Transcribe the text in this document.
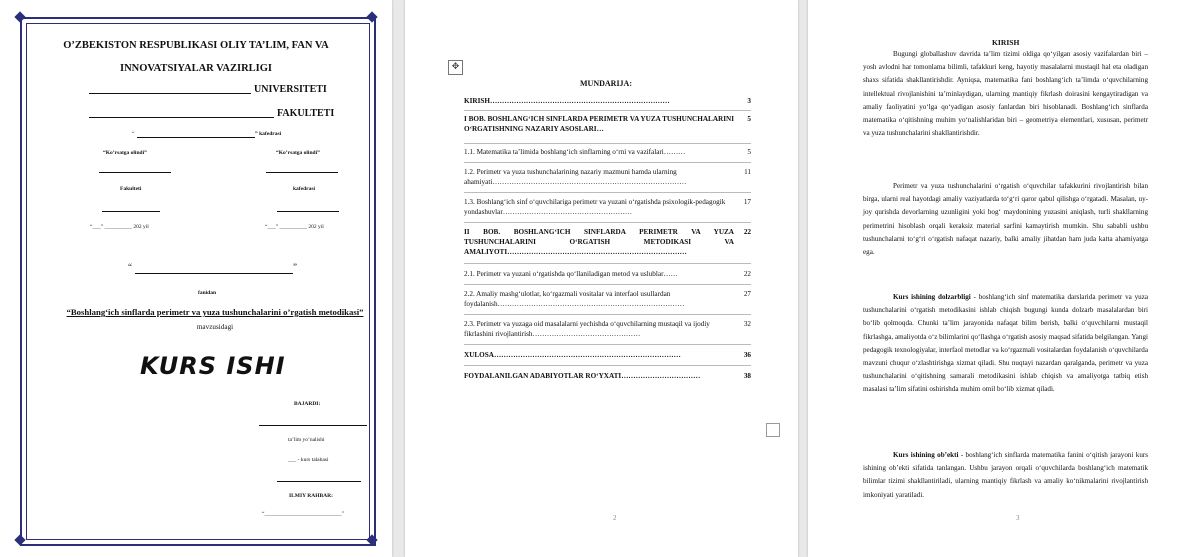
O’ZBEKISTON RESPUBLIKASI OLIY TA’LIM, FAN VA
INNOVATSIYALAR VAZIRLIGI
UNIVERSITETI
FAKULTETI
“	” kafedrasi
“Ko’rsatga olindi”	“Ko’rsatga olindi”
Fakulteti	kafedrasi
“___” __________ 202 yil	“___” __________ 202 yil
“	”
fanidan
“Boshlang‘ich sinflarda perimetr va yuza tushunchalarini o’rgatish metodikasi” mavzusidagi
KURS ISHI
BAJARDI:
ta’lim yo’nalishi
___ - kurs talabasi
ILMIY RAHBAR:
“____________________________”
✥
MUNDARIJA:
KIRISH…………………………………………………………………	3
I BOB. BOSHLANG‘ICH SINFLARDA PERIMETR VA YUZA TUSHUNCHALARINI O‘RGATISHNING NAZARIY ASOSLARI…
5
1.1. Matematika ta’limida boshlang‘ich sinflarning o‘rni va vazifalari………	5
1.2. Perimetr va yuza tushunchalarining nazariy mazmuni hamda ularning ahamiyati………………………………………………………………………
11
1.3. Boshlang‘ich sinf o‘quvchilariga perimetr va yuzani o‘rgatishda psixologik-pedagogik yondashuvlar………………………………………………
17
II BOB. BOSHLANG‘ICH SINFLARDA PERIMETR VA YUZA TUSHUNCHALARINI O‘RGATISH METODIKASI VA AMALIYOTI…………………………………………………………………
22
2.1. Perimetr va yuzani o‘rgatishda qo‘llaniladigan metod va uslublar……	22
2.2. Amaliy mashg‘ulotlar, ko‘rgazmali vositalar va interfaol usullardan foydalanish……………………………………………………………………
27
2.3. Perimetr va yuzaga oid masalalarni yechishda o‘quvchilarning mustaqil va ijodiy fikrlashini rivojlantirish………………………………………
32
XULOSA……………………………………………………………………	36
FOYDALANILGAN ADABIYOTLAR RO‘YXATI……………………………	38
2
KIRISH
Bugungi globallashuv davrida ta’lim tizimi oldiga qo‘yilgan asosiy vazifalardan biri – yosh avlodni har tomonlama bilimli, tafakkuri keng, hayotiy masalalarni mustaqil hal eta oladigan shaxs sifatida shakllantirishdir. Ayniqsa, matematika fani boshlang‘ich ta’limda o‘quvchilarning intellektual rivojlanishini ta’minlaydigan, ularning mantiqiy fikrlash doirasini kengaytiradigan va amaliy faoliyatini yo‘lga qo‘yadigan asosiy fanlardan biri hisoblanadi. Boshlang‘ich sinflarda matematika o‘qitishning muhim yo‘nalishlaridan biri – geometriya elementlari, xususan, perimetr va yuza tushunchalarini shakllantirishdir.
Perimetr va yuza tushunchalarini o‘rgatish o‘quvchilar tafakkurini rivojlantirish bilan birga, ularni real hayotdagi amaliy vaziyatlarda to‘g‘ri qaror qabul qilishga o‘rgatadi. Masalan, uy-joy qurishda devorlarning uzunligini yoki bog‘ maydonining yuzasini aniqlash, turli shakllarning perimetrini hisoblash orqali keraksiz material sarfini kamaytirish mumkin. Shu sababli ushbu tushunchalarni to‘g‘ri o‘rgatish nafaqat nazariy, balki amaliy jihatdan ham juda katta ahamiyatga ega.
Kurs ishining dolzarbligi - boshlang‘ich sinf matematika darslarida perimetr va yuza tushunchalarini o‘rgatish metodikasini ishlab chiqish bugungi kunda dolzarb masalalardan biri bo‘lib qolmoqda. Chunki ta’lim jarayonida nafaqat bilim berish, balki o‘quvchilarni mustaqil fikrlashga, amaliyotda o‘z bilimlarini qo‘llashga o‘rgatish asosiy maqsad sifatida belgilangan. Yangi pedagogik texnologiyalar, interfaol metodlar va ko‘rgazmali vositalardan foydalanish o‘quvchilarda mavzuni chuqur o‘zlashtirishga xizmat qiladi. Shu nuqtayi nazardan qaralganda, perimetr va yuza tushunchalarini o‘qitishning samarali metodikasini ishlab chiqish va amaliyotga tatbiq etish masalasi ta’lim sifatini oshirishda muhim omil bo‘lib xizmat qiladi.
Kurs ishining ob’ekti - boshlang‘ich sinflarda matematika fanini o‘qitish jarayoni kurs ishining ob’ekti sifatida tanlangan. Ushbu jarayon orqali o‘quvchilarda boshlang‘ich matematik bilimlar tizimi shakllantiriladi, ularning mantiqiy fikrlash va amaliy ko‘nikmalarini rivojlantirish imkoniyati yaratiladi.
3
